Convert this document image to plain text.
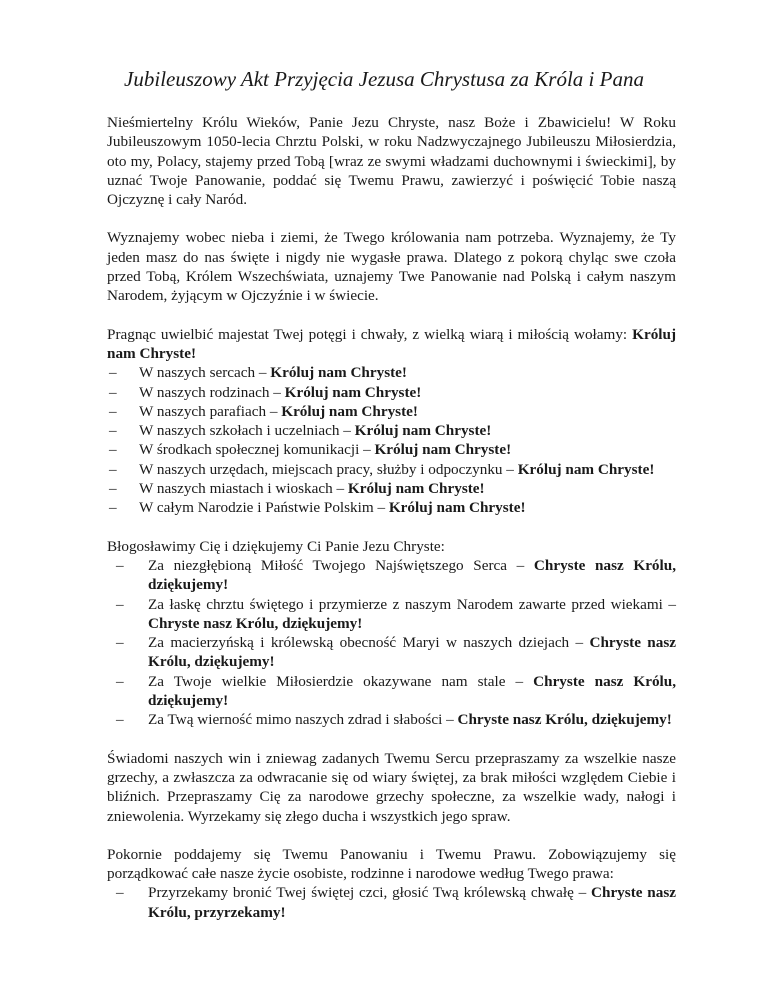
Jubileuszowy Akt Przyjęcia Jezusa Chrystusa za Króla i Pana

Nieśmiertelny Królu Wieków, Panie Jezu Chryste, nasz Boże i Zbawicielu! W Roku Jubileuszowym 1050-lecia Chrztu Polski, w roku Nadzwyczajnego Jubileuszu Miłosierdzia, oto my, Polacy, stajemy przed Tobą [wraz ze swymi władzami duchownymi i świeckimi], by uznać Twoje Panowanie, poddać się Twemu Prawu, zawierzyć i poświęcić Tobie naszą Ojczyznę i cały Naród.

Wyznajemy wobec nieba i ziemi, że Twego królowania nam potrzeba. Wyznajemy, że Ty jeden masz do nas święte i nigdy nie wygasłe prawa. Dlatego z pokorą chyląc swe czoła przed Tobą, Królem Wszechświata, uznajemy Twe Panowanie nad Polską i całym naszym Narodem, żyjącym w Ojczyźnie i w świecie.

Pragnąc uwielbić majestat Twej potęgi i chwały, z wielką wiarą i miłością wołamy: Króluj nam Chryste!

– W naszych sercach – Króluj nam Chryste!
– W naszych rodzinach – Króluj nam Chryste!
– W naszych parafiach – Króluj nam Chryste!
– W naszych szkołach i uczelniach – Króluj nam Chryste!
– W środkach społecznej komunikacji – Króluj nam Chryste!
– W naszych urzędach, miejscach pracy, służby i odpoczynku – Króluj nam Chryste!
– W naszych miastach i wioskach – Króluj nam Chryste!
– W całym Narodzie i Państwie Polskim – Króluj nam Chryste!

Błogosławimy Cię i dziękujemy Ci Panie Jezu Chryste:

– Za niezgłębioną Miłość Twojego Najświętszego Serca – Chryste nasz Królu, dziękujemy!
– Za łaskę chrztu świętego i przymierze z naszym Narodem zawarte przed wiekami – Chryste nasz Królu, dziękujemy!
– Za macierzyńską i królewską obecność Maryi w naszych dziejach – Chryste nasz Królu, dziękujemy!
– Za Twoje wielkie Miłosierdzie okazywane nam stale – Chryste nasz Królu, dziękujemy!
– Za Twą wierność mimo naszych zdrad i słabości – Chryste nasz Królu, dziękujemy!

Świadomi naszych win i zniewag zadanych Twemu Sercu przepraszamy za wszelkie nasze grzechy, a zwłaszcza za odwracanie się od wiary świętej, za brak miłości względem Ciebie i bliźnich. Przepraszamy Cię za narodowe grzechy społeczne, za wszelkie wady, nałogi i zniewolenia. Wyrzekamy się złego ducha i wszystkich jego spraw.

Pokornie poddajemy się Twemu Panowaniu i Twemu Prawu. Zobowiązujemy się porządkować całe nasze życie osobiste, rodzinne i narodowe według Twego prawa:

– Przyrzekamy bronić Twej świętej czci, głosić Twą królewską chwałę – Chryste nasz Królu, przyrzekamy!
